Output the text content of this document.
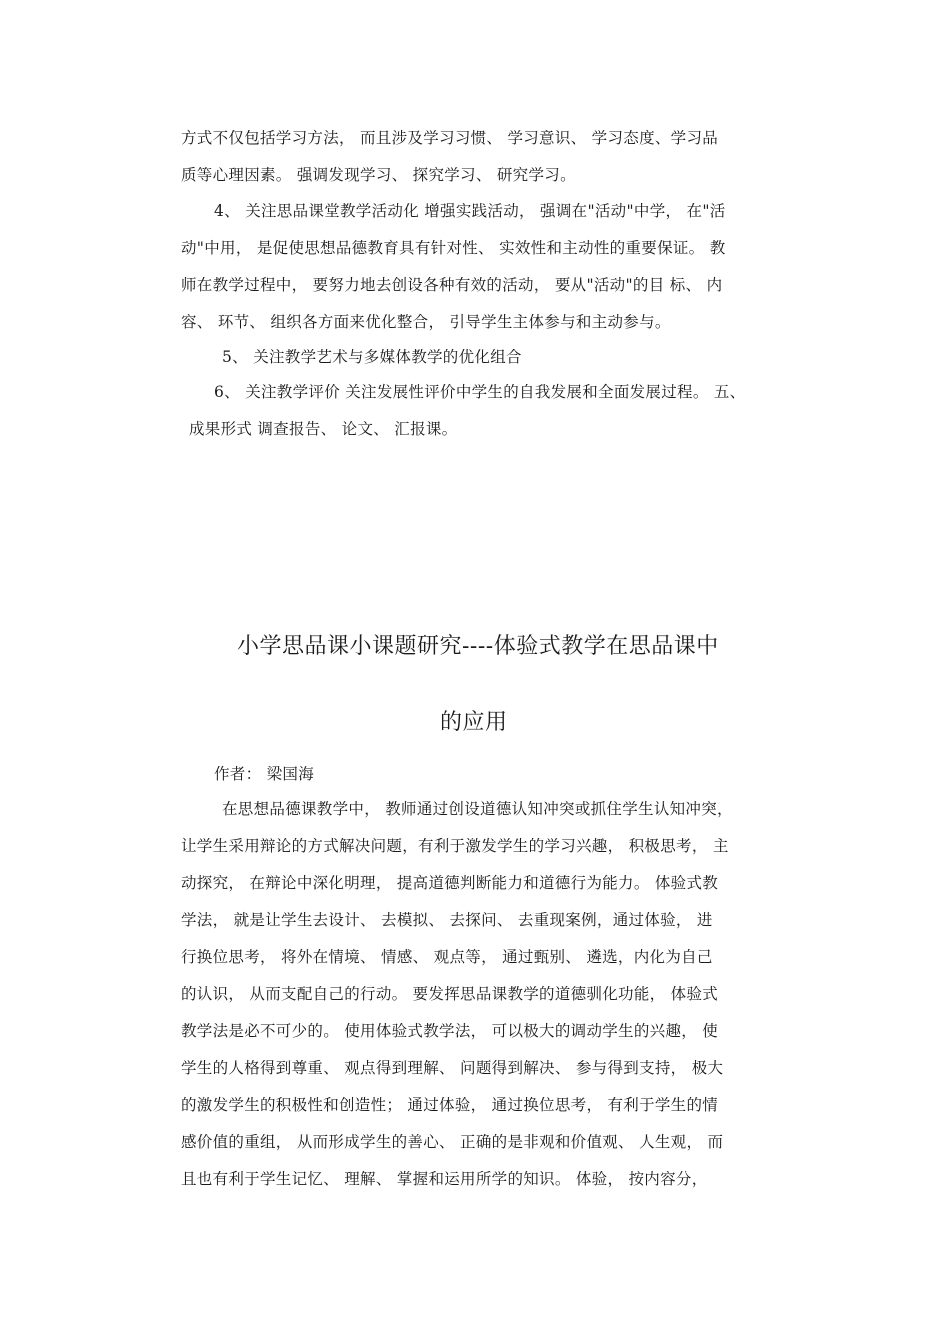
方式不仅包括学习方法， 而且涉及学习习惯、 学习意识、 学习态度、学习品
质等心理因素。 强调发现学习、 探究学习、 研究学习。
4、 关注思品课堂教学活动化 增强实践活动， 强调在"活动"中学， 在"活
动"中用， 是促使思想品德教育具有针对性、 实效性和主动性的重要保证。 教
师在教学过程中， 要努力地去创设各种有效的活动， 要从"活动"的目 标、 内
容、 环节、 组织各方面来优化整合， 引导学生主体参与和主动参与。
5、 关注教学艺术与多媒体教学的优化组合
6、 关注教学评价 关注发展性评价中学生的自我发展和全面发展过程。 五、
成果形式 调查报告、 论文、 汇报课。
小学思品课小课题研究----体验式教学在思品课中
的应用
作者： 梁国海
在思想品德课教学中， 教师通过创设道德认知冲突或抓住学生认知冲突，
让学生采用辩论的方式解决问题，有利于激发学生的学习兴趣， 积极思考， 主
动探究， 在辩论中深化明理， 提高道德判断能力和道德行为能力。 体验式教
学法， 就是让学生去设计、 去模拟、 去探问、 去重现案例，通过体验， 进
行换位思考， 将外在情境、 情感、 观点等， 通过甄别、 遴选，内化为自己
的认识， 从而支配自己的行动。 要发挥思品课教学的道德驯化功能， 体验式
教学法是必不可少的。 使用体验式教学法， 可以极大的调动学生的兴趣， 使
学生的人格得到尊重、 观点得到理解、 问题得到解决、 参与得到支持， 极大
的激发学生的积极性和创造性； 通过体验， 通过换位思考， 有利于学生的情
感价值的重组， 从而形成学生的善心、 正确的是非观和价值观、 人生观， 而
且也有利于学生记忆、 理解、 掌握和运用所学的知识。 体验， 按内容分，
